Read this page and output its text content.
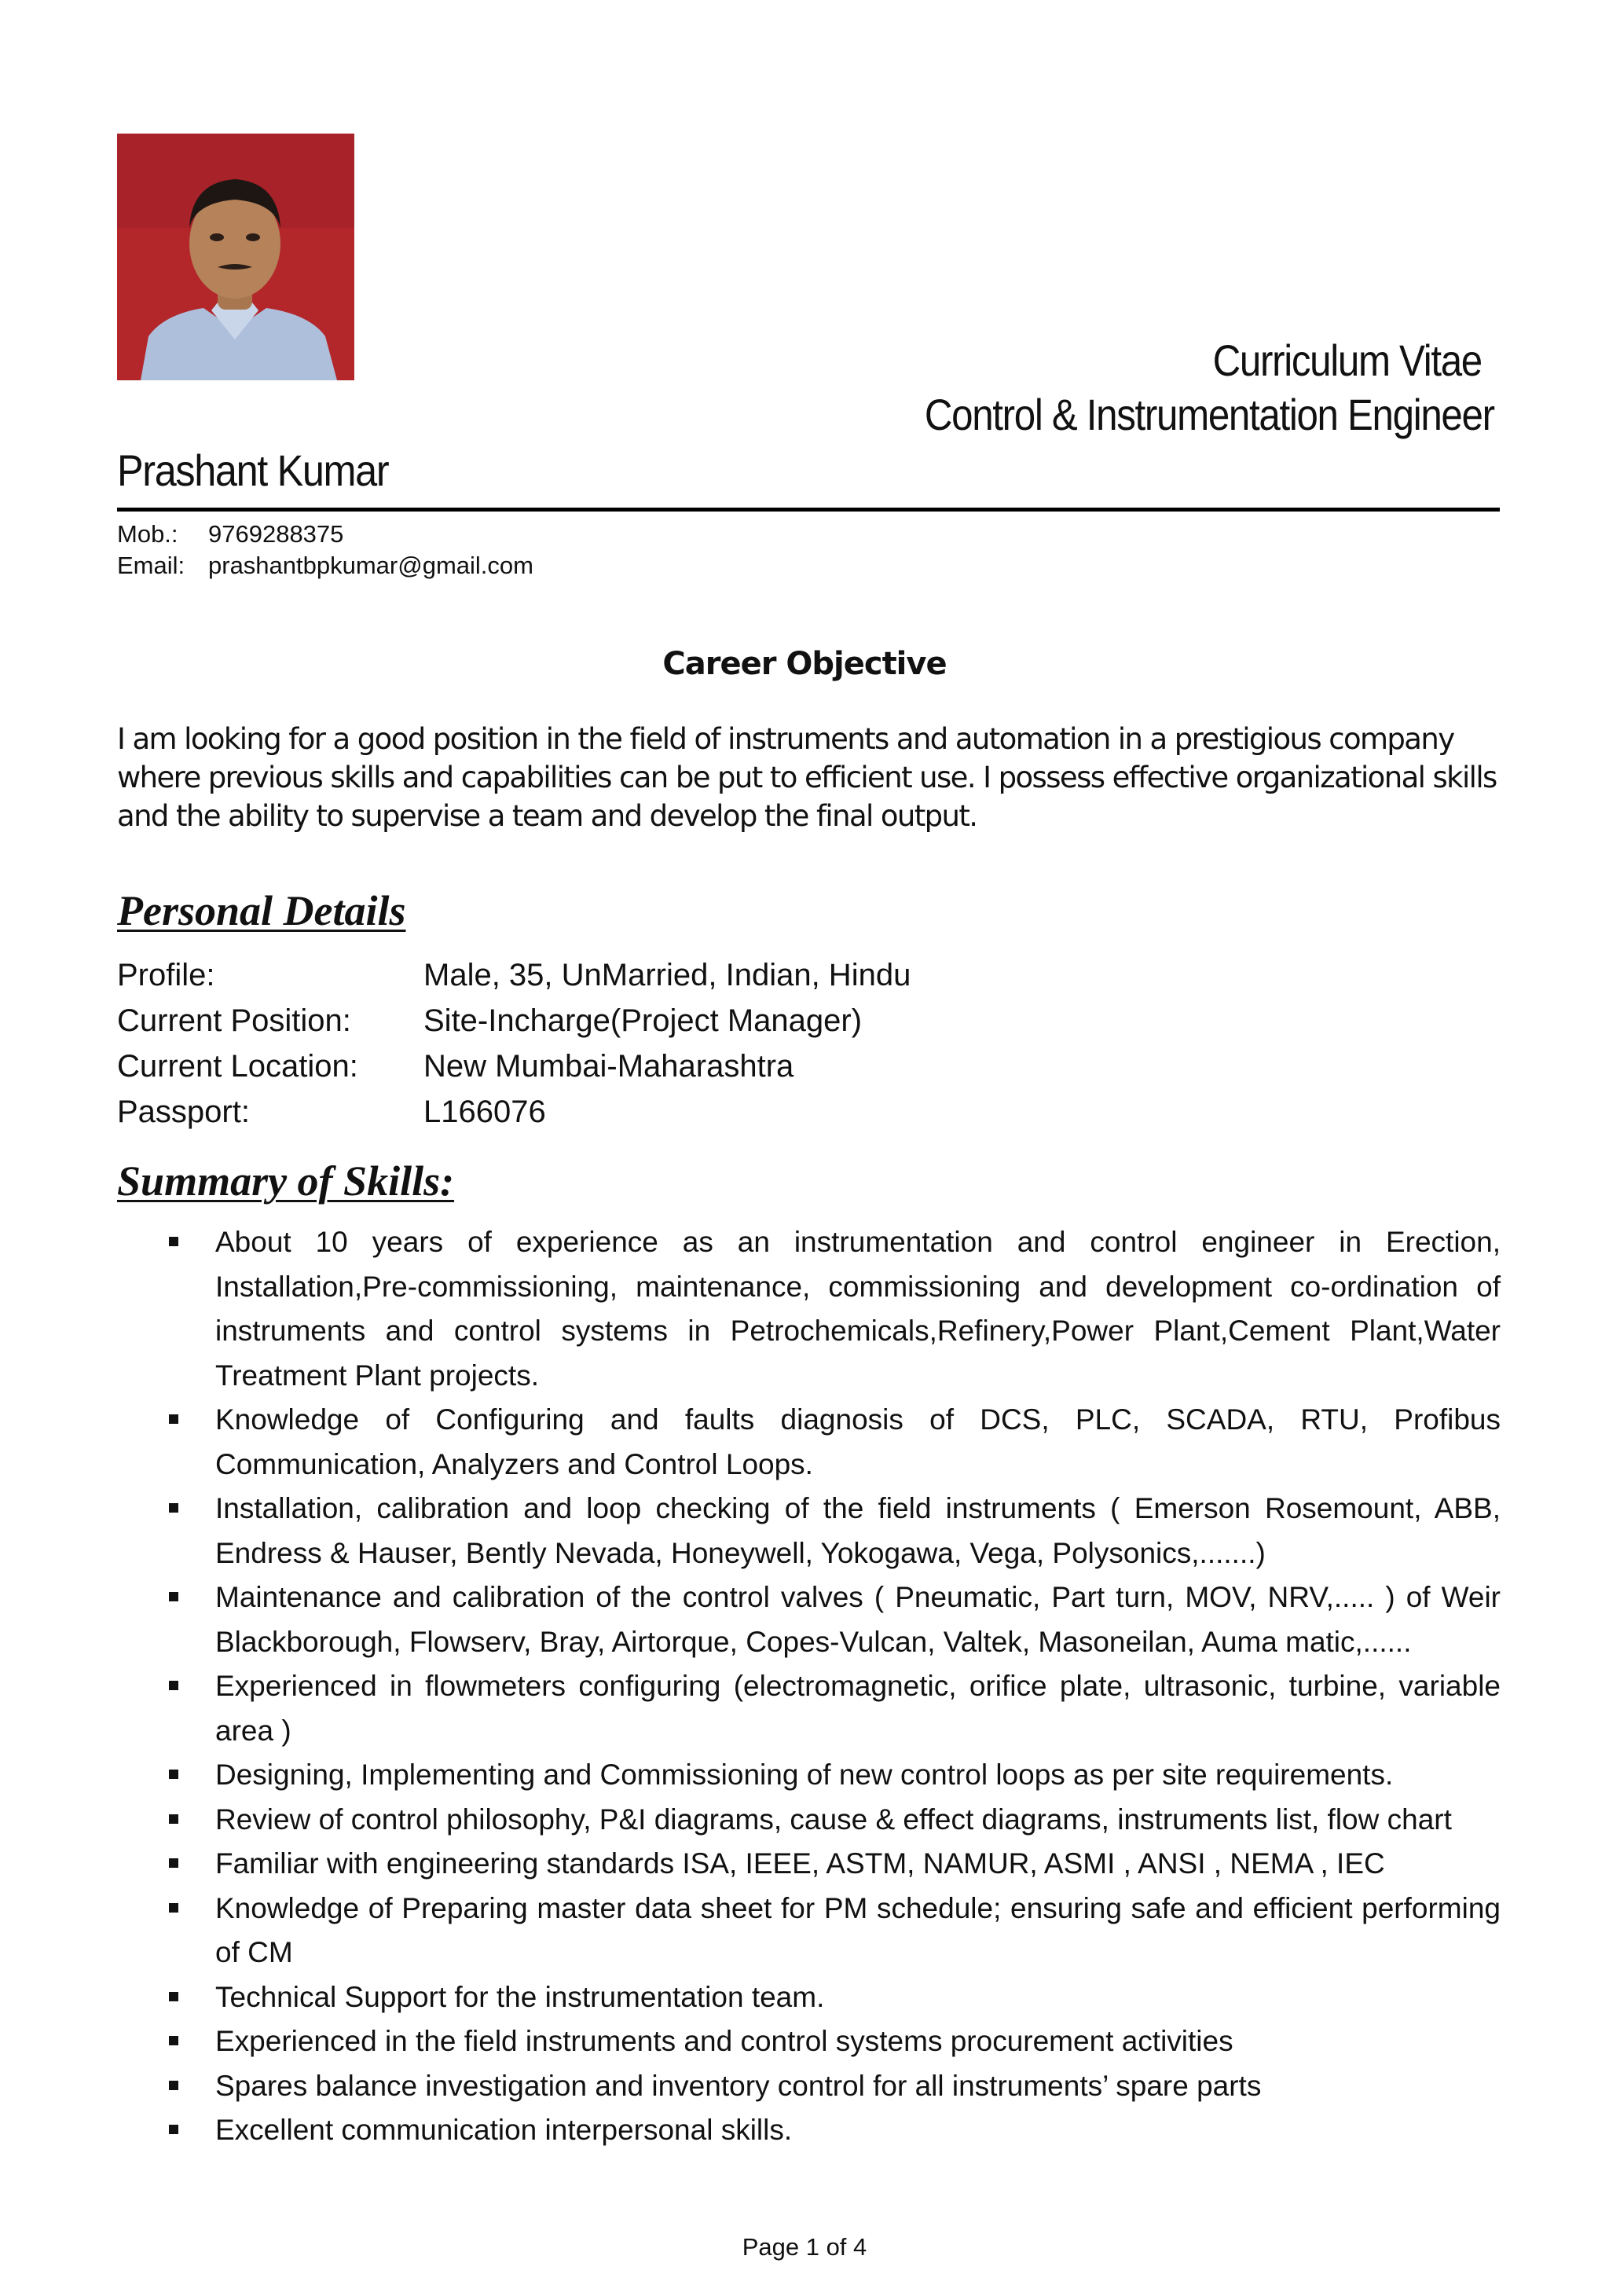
Curriculum Vitae
Control & Instrumentation Engineer
Prashant Kumar
Mob.: 9769288375
Email: prashantbpkumar@gmail.com
Career Objective
I am looking for a good position in the field of instruments and automation in a prestigious company where previous skills and capabilities can be put to efficient use. I possess effective organizational skills and the ability to supervise a team and develop the final output.
Personal Details
Profile:	Male, 35, UnMarried, Indian, Hindu
Current Position:	Site-Incharge(Project Manager)
Current Location:	New Mumbai-Maharashtra
Passport:	L166076
Summary of Skills:
About 10 years of experience as an instrumentation and control engineer in Erection, Installation,Pre-commissioning, maintenance, commissioning and development co-ordination of instruments and control systems in Petrochemicals,Refinery,Power Plant,Cement Plant,Water Treatment Plant projects.
Knowledge of Configuring and faults diagnosis of DCS, PLC, SCADA, RTU, Profibus Communication, Analyzers and Control Loops.
Installation, calibration and loop checking of the field instruments ( Emerson Rosemount, ABB, Endress & Hauser, Bently Nevada, Honeywell, Yokogawa, Vega, Polysonics,.......)
Maintenance and calibration of the control valves ( Pneumatic, Part turn, MOV, NRV,..... ) of Weir Blackborough, Flowserv, Bray, Airtorque, Copes-Vulcan, Valtek, Masoneilan, Auma matic,......
Experienced in flowmeters configuring (electromagnetic, orifice plate, ultrasonic, turbine, variable area )
Designing, Implementing and Commissioning of new control loops as per site requirements.
Review of control philosophy, P&I diagrams, cause & effect diagrams, instruments list, flow chart
Familiar with engineering standards ISA, IEEE, ASTM, NAMUR, ASMI , ANSI , NEMA , IEC
Knowledge of Preparing master data sheet for PM schedule; ensuring safe and efficient performing of CM
Technical Support for the instrumentation team.
Experienced in the field instruments and control systems procurement activities
Spares balance investigation and inventory control for all instruments’ spare parts
Excellent communication interpersonal skills.
Page 1 of 4
